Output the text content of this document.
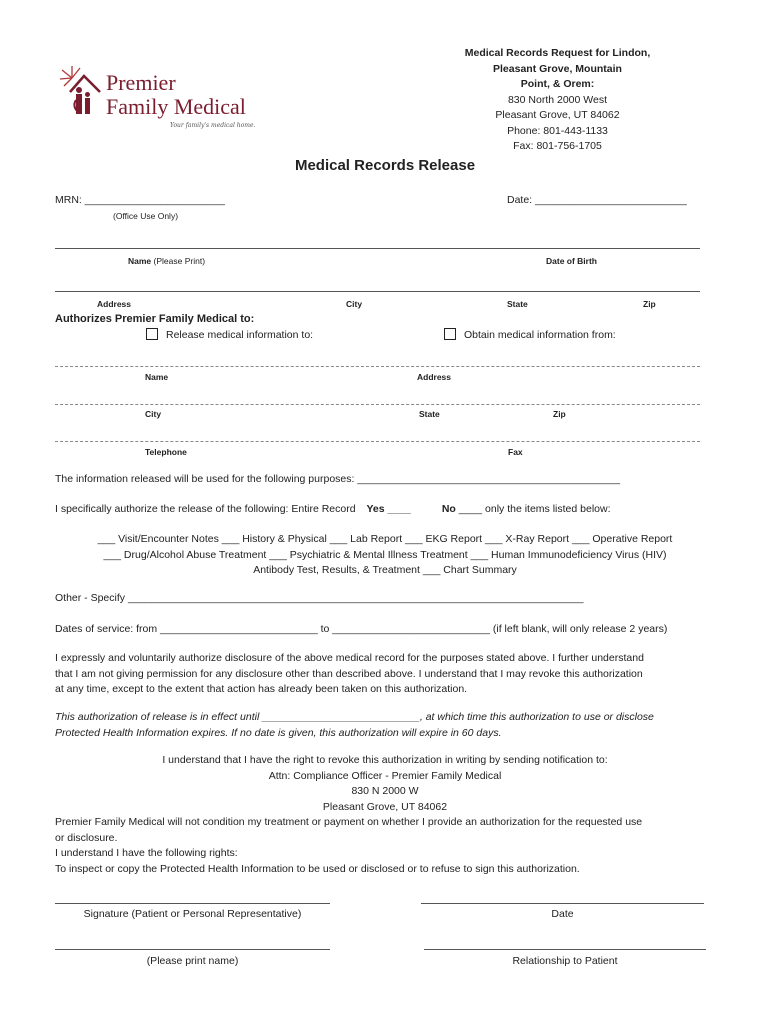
Premier
Family Medical
Your family's medical home.
Medical Records Request for Lindon,
Pleasant Grove, Mountain
Point, & Orem:
830 North 2000 West
Pleasant Grove, UT 84062
Phone: 801-443-1133
Fax: 801-756-1705
Medical Records Release
MRN: ________________________
(Office Use Only)
Date: __________________________
Name (Please Print)	Date of Birth
Address	City	State	Zip
Authorizes Premier Family Medical to:
Release medical information to:	Obtain medical information from:
Name	Address
City	State	Zip
Telephone	Fax
The information released will be used for the following purposes: _____________________________________________
I specifically authorize the release of the following: Entire Record Yes ____	No ____ only the items listed below:
___ Visit/Encounter Notes ___ History & Physical ___ Lab Report ___ EKG Report ___ X-Ray Report ___ Operative Report
___ Drug/Alcohol Abuse Treatment ___ Psychiatric & Mental Illness Treatment ___ Human Immunodeficiency Virus (HIV)
Antibody Test, Results, & Treatment ___ Chart Summary
Other - Specify ______________________________________________________________________________
Dates of service: from ___________________________ to ___________________________ (if left blank, will only release 2 years)
I expressly and voluntarily authorize disclosure of the above medical record for the purposes stated above. I further understand
that I am not giving permission for any disclosure other than described above. I understand that I may revoke this authorization
at any time, except to the extent that action has already been taken on this authorization.
This authorization of release is in effect until ___________________________, at which time this authorization to use or disclose
Protected Health Information expires. If no date is given, this authorization will expire in 60 days.
I understand that I have the right to revoke this authorization in writing by sending notification to:
Attn: Compliance Officer - Premier Family Medical
830 N 2000 W
Pleasant Grove, UT 84062
Premier Family Medical will not condition my treatment or payment on whether I provide an authorization for the requested use
or disclosure.
I understand I have the following rights:
To inspect or copy the Protected Health Information to be used or disclosed or to refuse to sign this authorization.
Signature (Patient or Personal Representative)	Date
(Please print name)	Relationship to Patient
